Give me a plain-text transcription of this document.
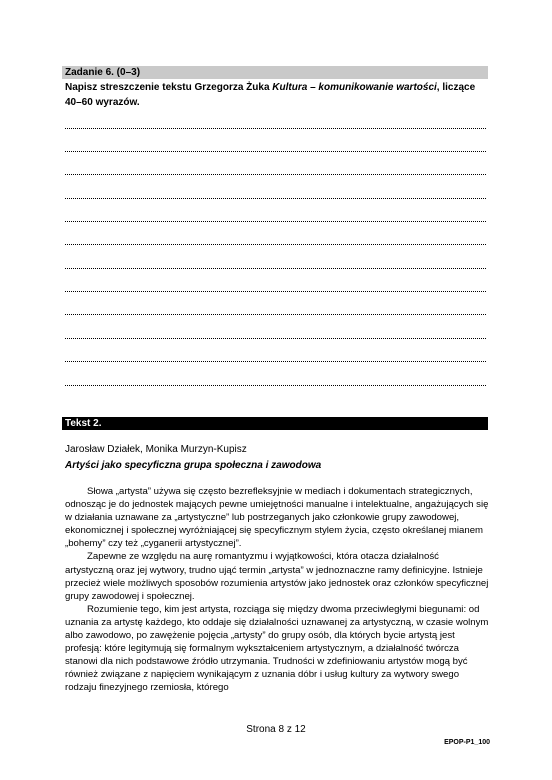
Zadanie 6. (0–3)
Napisz streszczenie tekstu Grzegorza Żuka Kultura – komunikowanie wartości, liczące 40–60 wyrazów.
Tekst 2.
Jarosław Działek, Monika Murzyn-Kupisz
Artyści jako specyficzna grupa społeczna i zawodowa

Słowa „artysta” używa się często bezrefleksyjnie w mediach i dokumentach strategicznych, odnosząc je do jednostek mających pewne umiejętności manualne i intelektualne, angażujących się w działania uznawane za „artystyczne” lub postrzeganych jako członkowie grupy zawodowej, ekonomicznej i społecznej wyróżniającej się specyficznym stylem życia, często określanej mianem „bohemy” czy też „cyganerii artystycznej”.

Zapewne ze względu na aurę romantyzmu i wyjątkowości, która otacza działalność artystyczną oraz jej wytwory, trudno ująć termin „artysta” w jednoznaczne ramy definicyjne. Istnieje przecież wiele możliwych sposobów rozumienia artystów jako jednostek oraz członków specyficznej grupy zawodowej i społecznej.

Rozumienie tego, kim jest artysta, rozciąga się między dwoma przeciwległymi biegunami: od uznania za artystę każdego, kto oddaje się działalności uznawanej za artystyczną, w czasie wolnym albo zawodowo, po zawężenie pojęcia „artysty” do grupy osób, dla których bycie artystą jest profesją: które legitymują się formalnym wykształceniem artystycznym, a działalność twórcza stanowi dla nich podstawowe źródło utrzymania. Trudności w zdefiniowaniu artystów mogą być również związane z napięciem wynikającym z uznania dóbr i usług kultury za wytwory swego rodzaju finezyjnego rzemiosła, którego

Strona 8 z 12
EPOP-P1_100
